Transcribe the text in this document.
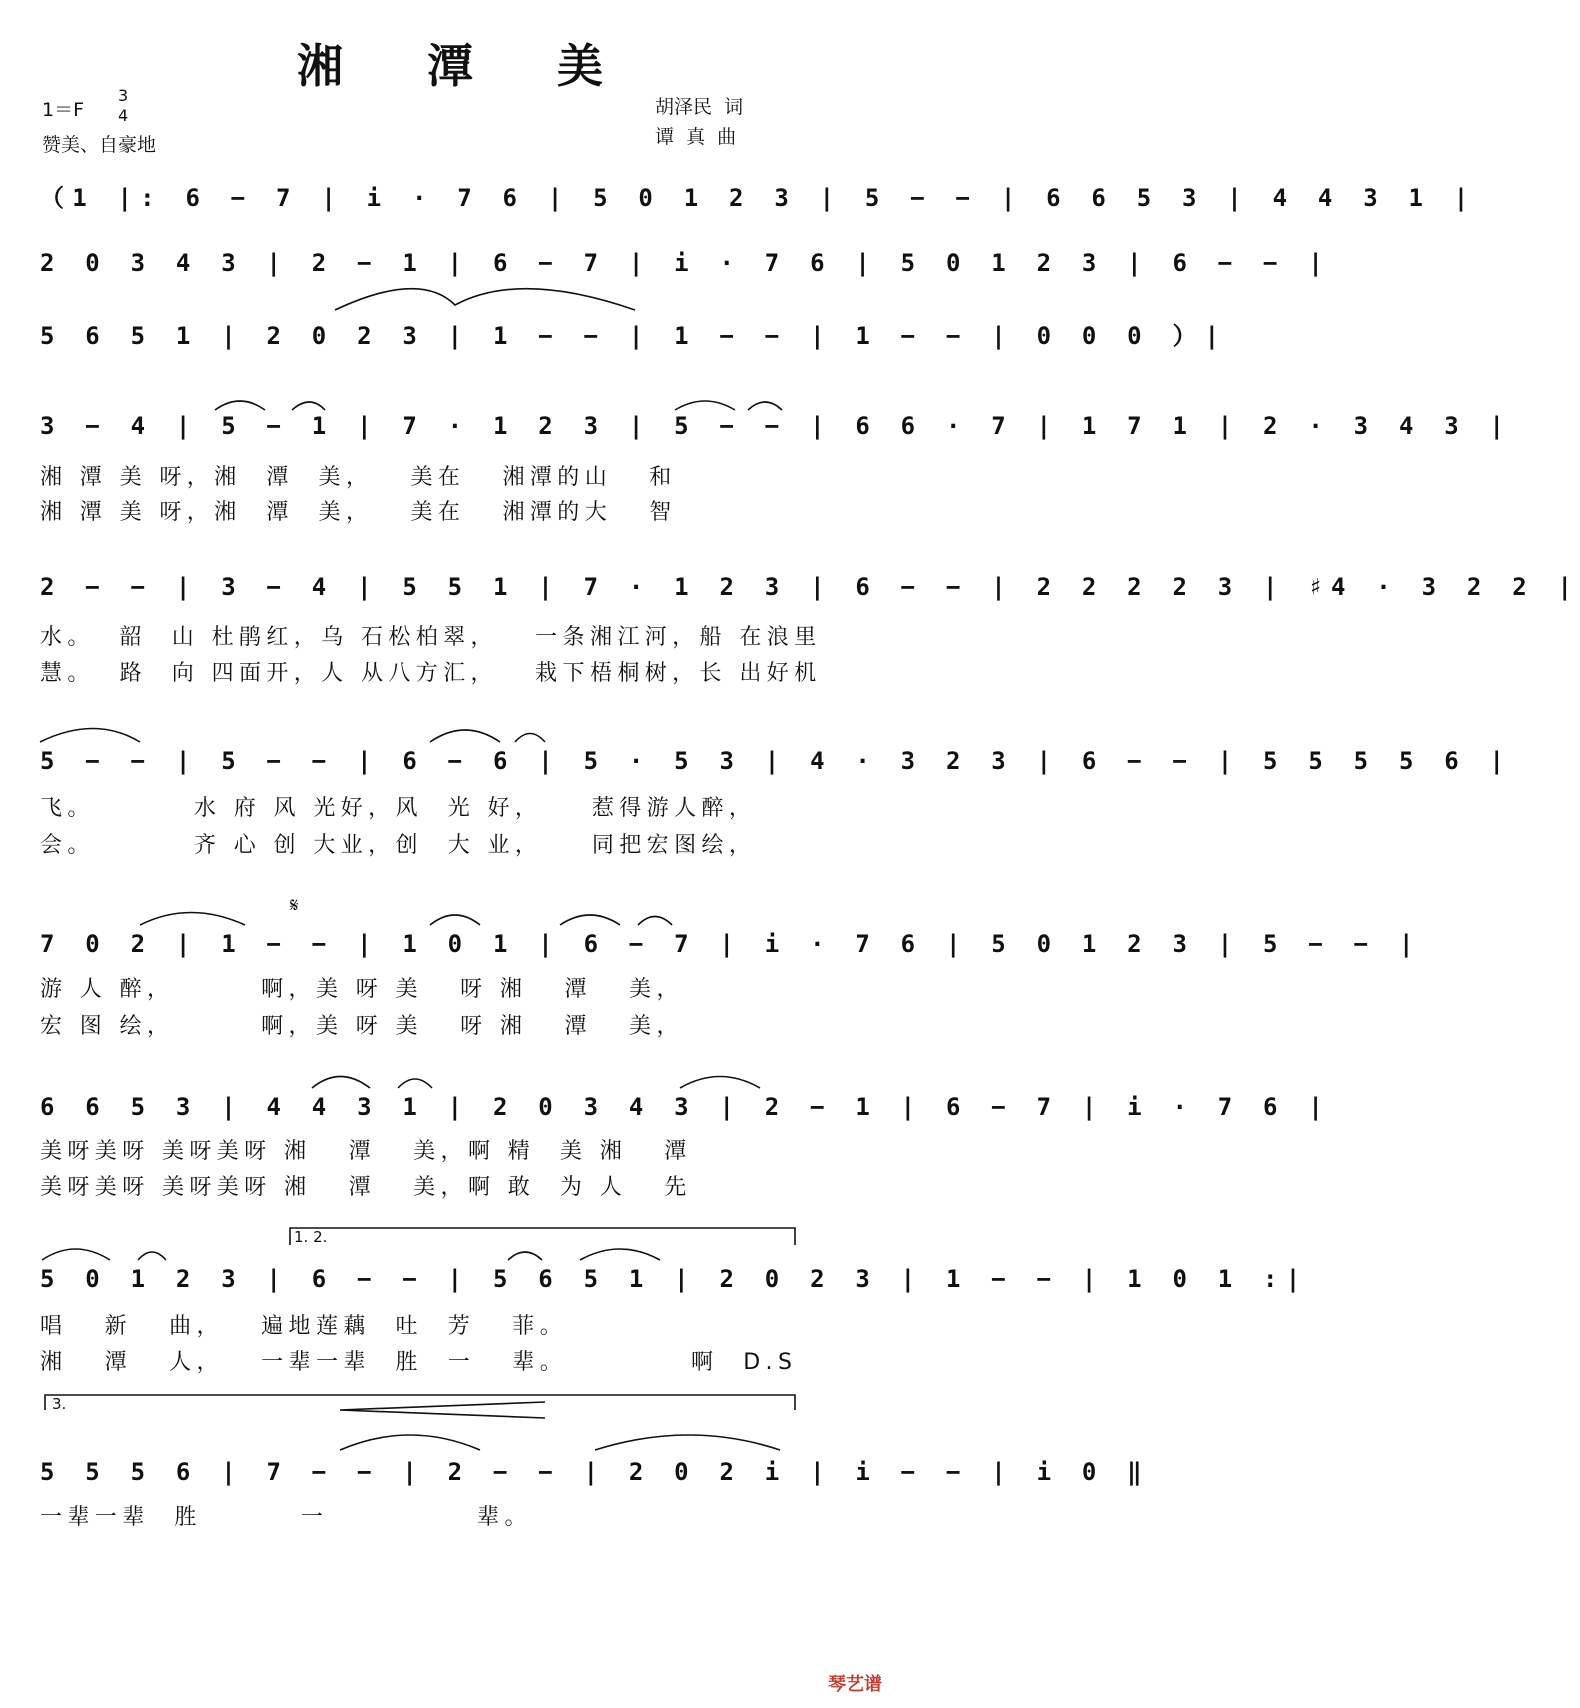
湘 潭 美
1＝F
3
4
赞美、自豪地
胡泽民  词
谭  真  曲
（1 |: 6 − 7 | i · 7 6 | 5 0 1 2 3 | 5 − − | 6 6 5 3 | 4 4 3 1 |
2 0 3 4 3 | 2 − 1 | 6 − 7 | i · 7 6 | 5 0 1 2 3 | 6 − − |
5 6 5 1 | 2 0 2 3 | 1 − − | 1 − − | 1 − − | 0 0 0 ）|
3 − 4 | 5 − 1 | 7 · 1 2 3 | 5 − − | 6 6 · 7 | 1 7 1 | 2 · 3 4 3 |
湘 潭 美 呀，湘  潭  美，   美在   湘潭的山   和
湘 潭 美 呀，湘  潭  美，   美在   湘潭的大   智
2 − − | 3 − 4 | 5 5 1 | 7 · 1 2 3 | 6 − − | 2 2 2 2 3 | ♯4 · 3 2 2 |
水。  韶  山 杜鹃红，乌 石松柏翠，   一条湘江河，船 在浪里
慧。  路  向 四面开，人 从八方汇，   栽下梧桐树，长 出好机
5 − − | 5 − − | 6 − 6 | 5 · 5 3 | 4 · 3 2 3 | 6 − − | 5 5 5 5 6 |
飞。        水 府 风 光好，风  光 好，    惹得游人醉，
会。        齐 心 创 大业，创  大 业，    同把宏图绘，
𝄋
7 0 2 | 1 − − | 1 0 1 | 6 − 7 | i · 7 6 | 5 0 1 2 3 | 5 − − |
游 人 醉，       啊，美 呀 美   呀 湘   潭   美，
宏 图 绘，       啊，美 呀 美   呀 湘   潭   美，
6 6 5 3 | 4 4 3 1 | 2 0 3 4 3 | 2 − 1 | 6 − 7 | i · 7 6 |
美呀美呀 美呀美呀 湘   潭   美，啊 精  美 湘   潭
美呀美呀 美呀美呀 湘   潭   美，啊 敢  为 人   先
1. 2.
5 0 1 2 3 | 6 − − | 5 6 5 1 | 2 0 2 3 | 1 − − | 1 0 1 :|
唱   新   曲，   遍地莲藕  吐  芳   菲。
湘   潭   人，   一辈一辈  胜  一   辈。          啊  D.S
3.
5 5 5 6 | 7 − − | 2 − − | 2 0 2 i | i − − | i 0 ‖
一辈一辈  胜        一            辈。
琴艺谱
